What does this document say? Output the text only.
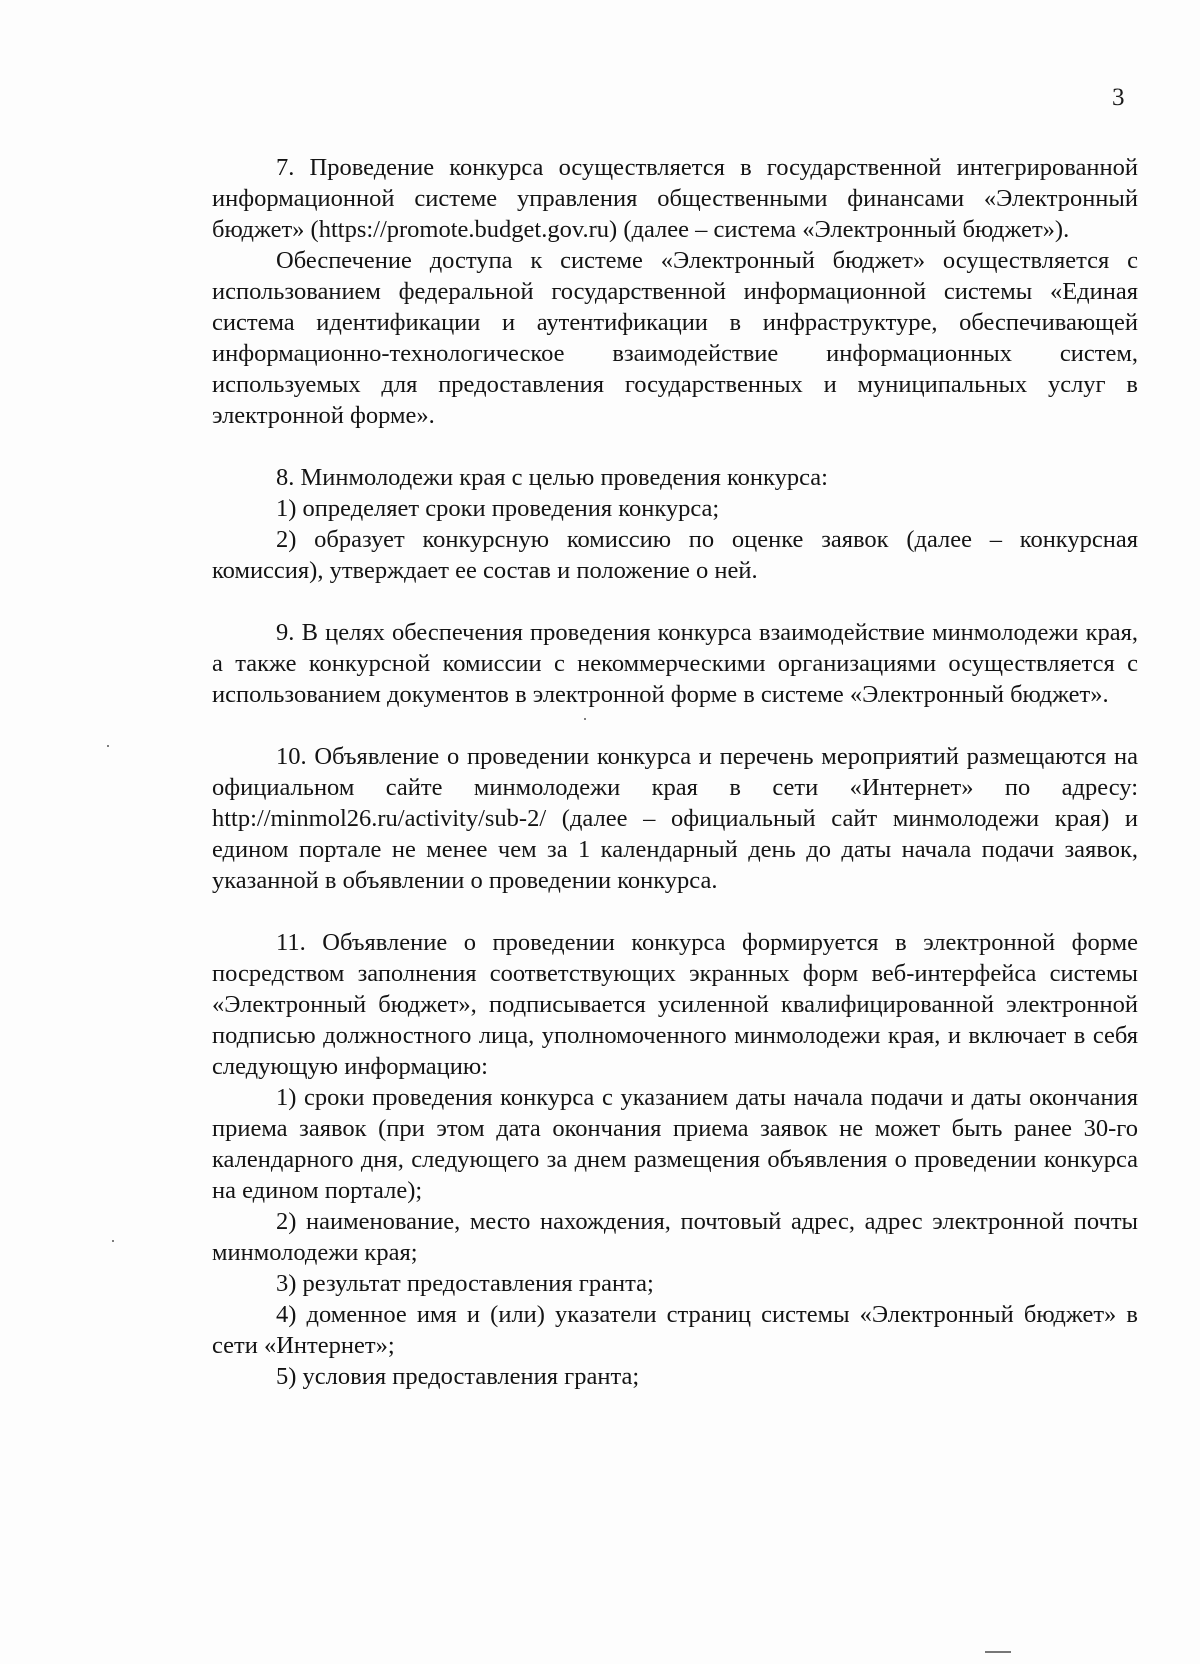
3

7. Проведение конкурса осуществляется в государственной интегрированной информационной системе управления общественными финансами «Электронный бюджет» (https://promote.budget.gov.ru) (далее – система «Электронный бюджет»).

Обеспечение доступа к системе «Электронный бюджет» осуществляется с использованием федеральной государственной информационной системы «Единая система идентификации и аутентификации в инфраструктуре, обеспечивающей информационно-технологическое взаимодействие информационных систем, используемых для предоставления государственных и муниципальных услуг в электронной форме».

8. Минмолодежи края с целью проведения конкурса:

1) определяет сроки проведения конкурса;

2) образует конкурсную комиссию по оценке заявок (далее – конкурсная комиссия), утверждает ее состав и положение о ней.

9. В целях обеспечения проведения конкурса взаимодействие минмолодежи края, а также конкурсной комиссии с некоммерческими организациями осуществляется с использованием документов в электронной форме в системе «Электронный бюджет».

10. Объявление о проведении конкурса и перечень мероприятий размещаются на официальном сайте минмолодежи края в сети «Интернет» по адресу: http://minmol26.ru/activity/sub-2/ (далее – официальный сайт минмолодежи края) и едином портале не менее чем за 1 календарный день до даты начала подачи заявок, указанной в объявлении о проведении конкурса.

11. Объявление о проведении конкурса формируется в электронной форме посредством заполнения соответствующих экранных форм веб-интерфейса системы «Электронный бюджет», подписывается усиленной квалифицированной электронной подписью должностного лица, уполномоченного минмолодежи края, и включает в себя следующую информацию:

1) сроки проведения конкурса с указанием даты начала подачи и даты окончания приема заявок (при этом дата окончания приема заявок не может быть ранее 30-го календарного дня, следующего за днем размещения объявления о проведении конкурса на едином портале);

2) наименование, место нахождения, почтовый адрес, адрес электронной почты минмолодежи края;

3) результат предоставления гранта;

4) доменное имя и (или) указатели страниц системы «Электронный бюджет» в сети «Интернет»;

5) условия предоставления гранта;
